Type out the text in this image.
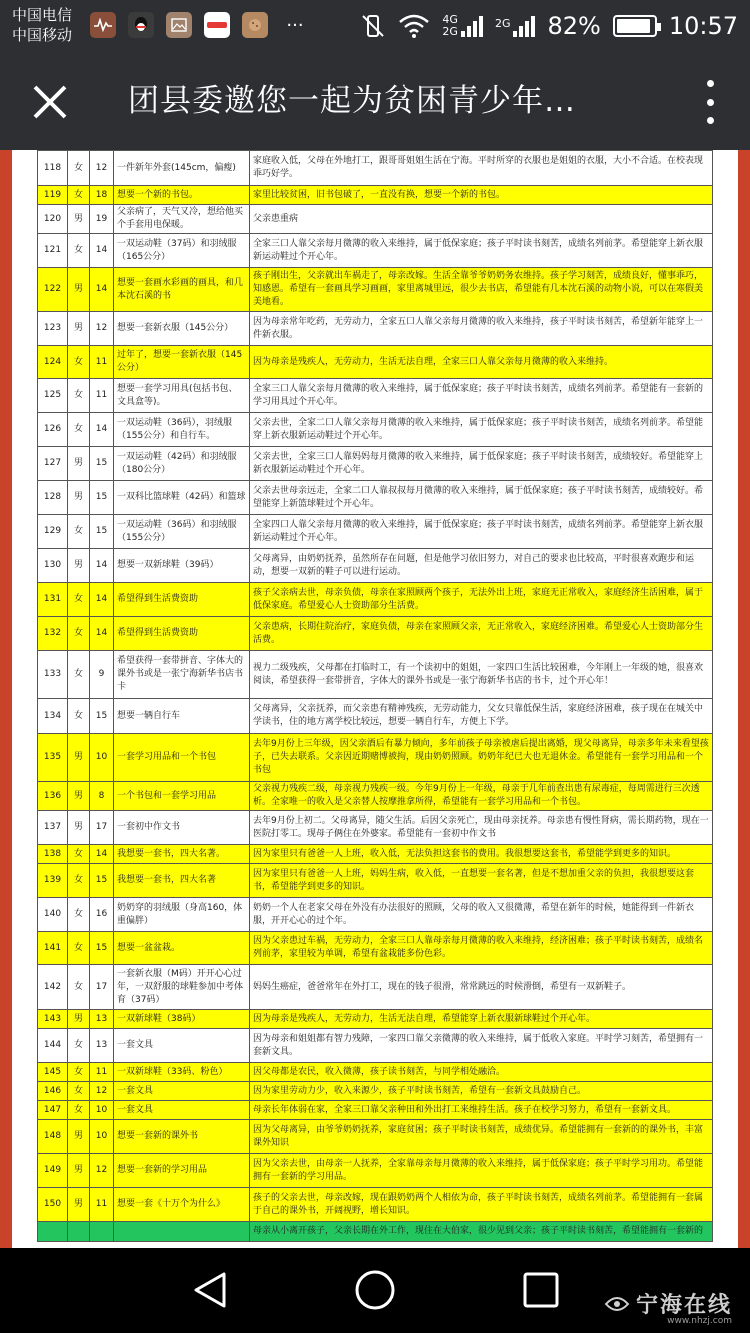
中国电信
中国移动	···	4G
2G
2G 82%	10:57
团县委邀您一起为贫困青少年…
118	女	12	一件新年外套(145cm，偏瘦)	家庭收入低，父母在外地打工，跟哥哥姐姐生活在宁海。平时所穿的衣服也是姐姐的衣服，大小不合适。在校表现乖巧好学。
119	女	18	想要一个新的书包。	家里比较贫困，旧书包破了，一直没有换，想要一个新的书包。
120	男	19	父亲病了，天气又冷，想给他买个手套用电保暖。	父亲患重病
121	女	14	一双运动鞋（37码）和羽绒服（165公分）	全家三口人靠父亲每月微薄的收入来维持，属于低保家庭；孩子平时读书刻苦，成绩名列前茅。希望能穿上新衣服新运动鞋过个开心年。
122	男	14	想要一套画水彩画的画具，和几本沈石溪的书	孩子刚出生，父亲就出车祸走了，母亲改嫁。生活全靠爷爷奶奶务农维持。孩子学习刻苦，成绩良好，懂事乖巧，知感恩。希望有一套画具学习画画，家里离城里远，很少去书店，希望能有几本沈石溪的动物小说，可以在寒假美美地看。
123	男	12	想要一套新衣服（145公分）	因为母亲常年吃药，无劳动力，全家五口人靠父亲每月微薄的收入来维持，孩子平时读书刻苦，希望新年能穿上一件新衣服。
124	女	11	过年了，想要一套新衣服（145公分）	因为母亲是残疾人，无劳动力，生活无法自理，全家三口人靠父亲每月微薄的收入来维持。
125	女	11	想要一套学习用具(包括书包、文具盒等)。	全家三口人靠父亲每月微薄的收入来维持，属于低保家庭；孩子平时读书刻苦，成绩名列前茅。希望能有一套新的学习用具过个开心年。
126	女	14	一双运动鞋（36码），羽绒服（155公分）和自行车。	父亲去世，全家二口人靠父亲每月微薄的收入来维持，属于低保家庭；孩子平时读书刻苦，成绩名列前茅。希望能穿上新衣服新运动鞋过个开心年。
127	男	15	一双运动鞋（42码）和羽绒服（180公分）	父亲去世，全家三口人靠妈妈每月微薄的收入来维持，属于低保家庭；孩子平时读书刻苦，成绩较好。希望能穿上新衣服新运动鞋过个开心年。
128	男	15	一双科比篮球鞋（42码）和篮球	父亲去世母亲远走，全家二口人靠叔叔每月微薄的收入来维持，属于低保家庭；孩子平时读书刻苦，成绩较好。希望能穿上新篮球鞋过个开心年。
129	女	15	一双运动鞋（36码）和羽绒服（155公分）	全家四口人靠父亲每月微薄的收入来维持，属于低保家庭；孩子平时读书刻苦，成绩名列前茅。希望能穿上新衣服新运动鞋过个开心年。
130	男	14	想要一双新球鞋（39码）	父母离异，由奶奶抚养，虽然所存在问题，但是他学习依旧努力，对自己的要求也比较高，平时很喜欢跑步和运动，想要一双新的鞋子可以进行运动。
131	女	14	希望得到生活费资助	孩子父亲病去世，母亲负债，母亲在家照顾两个孩子，无法外出上班，家庭无正常收入，家庭经济生活困难，属于低保家庭。希望爱心人士资助部分生活费。
132	女	14	希望得到生活费资助	父亲患病，长期住院治疗，家庭负债，母亲在家照顾父亲，无正常收入，家庭经济困难。希望爱心人士资助部分生活费。
133	女	9	希望获得一套带拼音、字体大的课外书或是一张宁海新华书店书卡	视力二级残疾，父母都在打临时工，有一个读初中的姐姐，一家四口生活比较困难，今年刚上一年级的她，很喜欢阅读，希望获得一套带拼音，字体大的课外书或是一张宁海新华书店的书卡，过个开心年！
134	女	15	想要一辆自行车	父母离异，父亲抚养，而父亲患有精神残疾，无劳动能力，父女只靠低保生活，家庭经济困难，孩子现在在城关中学读书，住的地方离学校比较远，想要一辆自行车，方便上下学。
135	男	10	一套学习用品和一个书包	去年9月份上三年级，因父亲酒后有暴力倾向，多年前孩子母亲被虐后提出离婚，现父母离异，母亲多年未来看望孩子，已失去联系。父亲因近期赌博被拘，现由奶奶照顾。奶奶年纪已大也无退休金。希望能有一套学习用品和一个书包
136	男	8	一个书包和一套学习用品	父亲视力残疾二级，母亲视力残疾一级。今年9月份上一年级，母亲于几年前查出患有尿毒症，每周需进行三次透析。全家唯一的收入是父亲替人按摩推拿所得，希望能有一套学习用品和一个书包。
137	男	17	一套初中作文书	去年9月份上初二。父母离异，随父生活。后因父亲死亡，现由母亲抚养。母亲患有慢性肾病，需长期药物，现在一医院打零工。现母子俩住在外婆家。希望能有一套初中作文书
138	女	14	我想要一套书，四大名著。	因为家里只有爸爸一人上班，收入低，无法负担这套书的费用。我很想要这套书，希望能学到更多的知识。
139	女	15	我想要一套书，四大名著	因为家里只有爸爸一人上班，妈妈生病，收入低，一直想要一套名著，但是不想加重父亲的负担，我很想要这套书，希望能学到更多的知识。
140	女	16	奶奶穿的羽绒服（身高160，体重偏胖）	奶奶一个人在老家父母在外没有办法很好的照顾，父母的收入又很微薄，希望在新年的时候，她能得到一件新衣服，开开心心的过个年。
141	女	15	想要一盆盆栽。	因为父亲患过车祸，无劳动力，全家三口人靠母亲每月微薄的收入来维持，经济困难；孩子平时读书刻苦，成绩名列前茅，家里较为单调，希望有盆栽能多份色彩。
142	女	17	一套新衣服（M码）开开心心过年，一双舒服的球鞋参加中考体育（37码）	妈妈生癌症，爸爸常年在外打工，现在的钱子很滑，常常跳远的时候滑倒，希望有一双新鞋子。
143	男	13	一双新球鞋（38码）	因为母亲是残疾人，无劳动力，生活无法自理，希望能穿上新衣服新球鞋过个开心年。
144	女	13	一套文具	因为母亲和姐姐都有智力残障，一家四口靠父亲微薄的收入来维持，属于低收入家庭。平时学习刻苦，希望拥有一套新文具。
145	女	11	一双新球鞋（33码、粉色）	因父母都是农民，收入微薄，孩子读书刻苦，与同学相处融洽。
146	女	12	一套文具	因为家里劳动力少，收入来源少，孩子平时读书刻苦，希望有一套新文具鼓励自己。
147	女	10	一套文具	母亲长年体弱在家，全家三口靠父亲种田和外出打工来维持生活。孩子在校学习努力，希望有一套新文具。
148	男	10	想要一套新的课外书	因为父母离异，由爷爷奶奶抚养，家庭贫困；孩子平时读书刻苦，成绩优异。希望能拥有一套新的的课外书，丰富课外知识
149	男	12	想要一套新的学习用品	因为父亲去世，由母亲一人抚养，全家靠母亲每月微薄的收入来维持，属于低保家庭；孩子平时学习用功。希望能拥有一套新的学习用品。
150	男	11	想要一套《十万个为什么》	孩子的父亲去世，母亲改嫁，现在跟奶奶两个人相依为命，孩子平时读书刻苦，成绩名列前茅。希望能拥有一套属于自己的课外书，开阔视野，增长知识。
				母亲从小离开孩子，父亲长期在外工作，现住在大伯家，很少见到父亲；孩子平时读书刻苦，希望能拥有一套新的
宁海在线
www.nhzj.com
